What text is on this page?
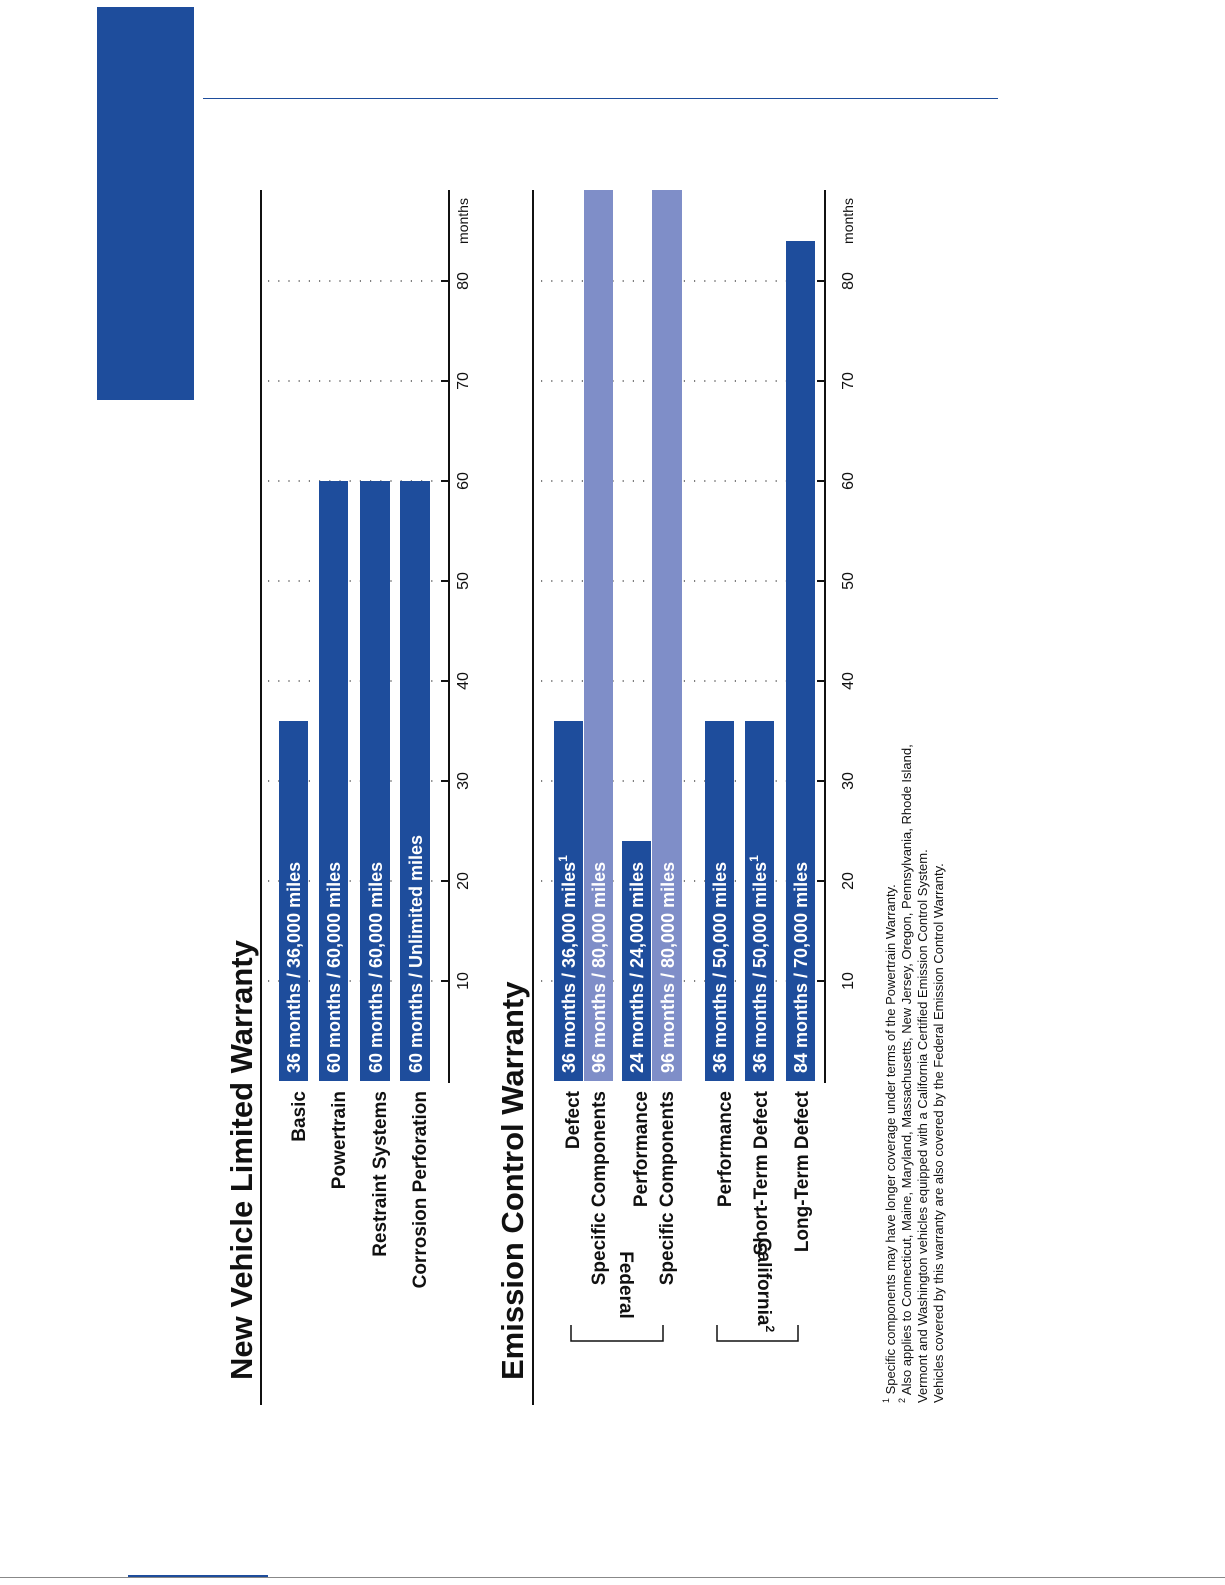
36 months / 36,000 miles
Basic
60 months / 60,000 miles
Powertrain
60 months / 60,000 miles
Restraint Systems
60 months / Unlimited miles
Corrosion Perforation
10
20
30
40
50
60
70
80
months
New Vehicle Limited Warranty	36 months / 36,000 miles$^1$
Defect
96 months / 80,000 miles
Specific Components
24 months / 24,000 miles
Performance
96 months / 80,000 miles
Specific Components
36 months / 50,000 miles
Performance
36 months / 50,000 miles$^1$
Short-Term Defect
84 months / 70,000 miles
Long-Term Defect
10
20
30
40
50
60
70
80
months
Emission Control Warranty	Federal	California$^2$
$^1$ Specific components may have longer coverage under terms of the Powertrain Warranty.
$^2$ Also applies to Connecticut, Maine, Maryland, Massachusetts, New Jersey, Oregon, Pennsylvania, Rhode Island, Vermont and Washington vehicles equipped with a California Certified Emission Control System. Vehicles covered by this warranty are also covered by the Federal Emission Control Warranty.
